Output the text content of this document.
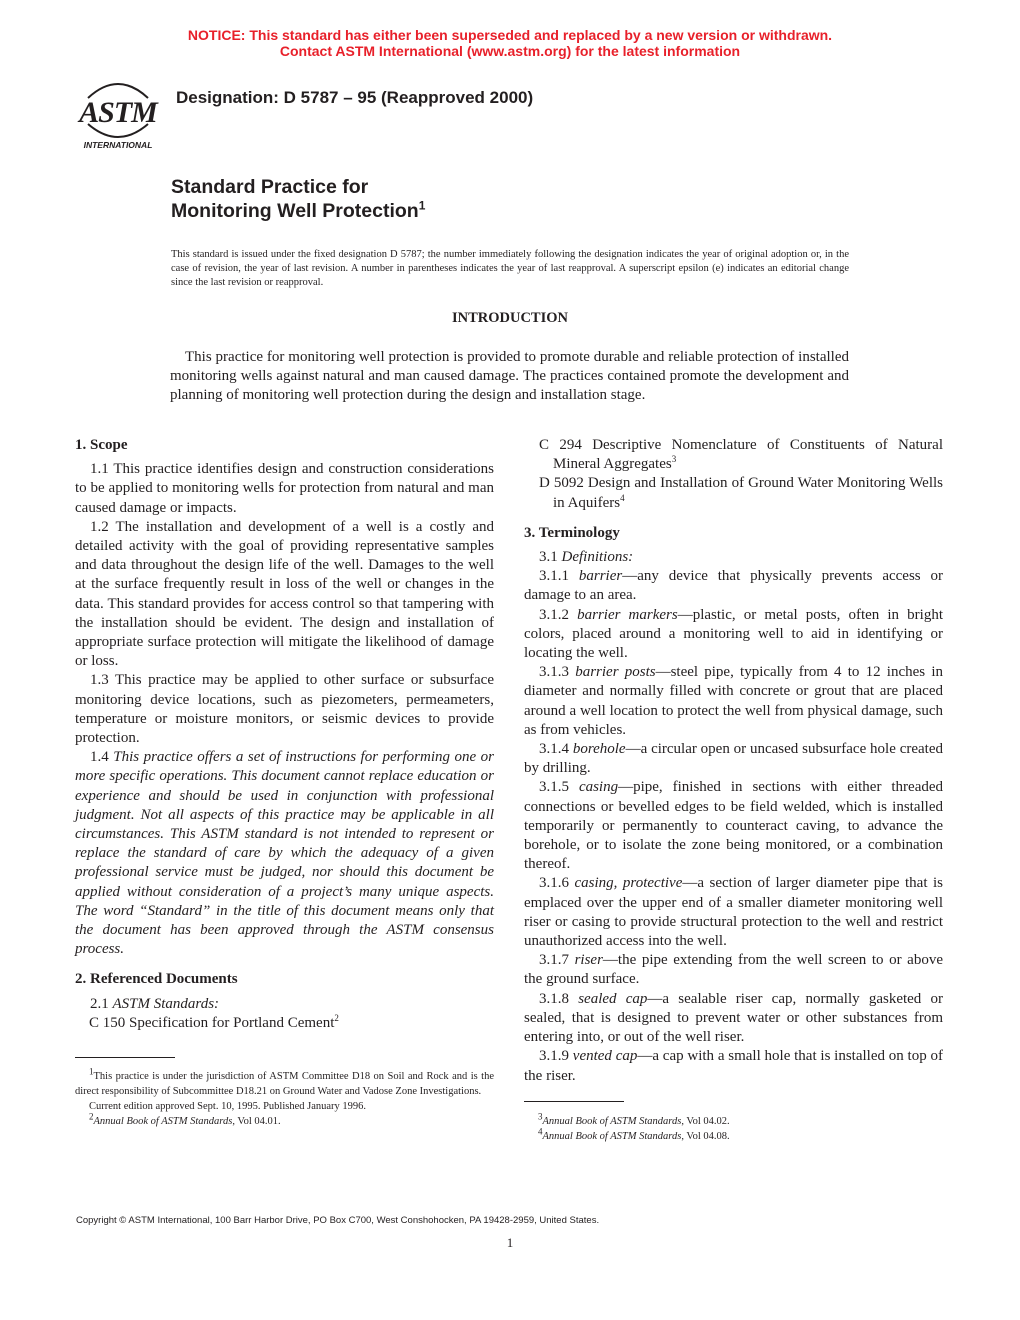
NOTICE: This standard has either been superseded and replaced by a new version or withdrawn.
Contact ASTM International (www.astm.org) for the latest information
ASTM
INTERNATIONAL
Designation: D 5787 – 95 (Reapproved 2000)
Standard Practice for
Monitoring Well Protection$^1$
This standard is issued under the fixed designation D 5787; the number immediately following the designation indicates the year of original adoption or, in the case of revision, the year of last revision. A number in parentheses indicates the year of last reapproval. A superscript epsilon (e) indicates an editorial change since the last revision or reapproval.
INTRODUCTION
This practice for monitoring well protection is provided to promote durable and reliable protection of installed monitoring wells against natural and man caused damage. The practices contained promote the development and planning of monitoring well protection during the design and installation stage.
1. Scope

1.1 This practice identifies design and construction considerations to be applied to monitoring wells for protection from natural and man caused damage or impacts.

1.2 The installation and development of a well is a costly and detailed activity with the goal of providing representative samples and data throughout the design life of the well. Damages to the well at the surface frequently result in loss of the well or changes in the data. This standard provides for access control so that tampering with the installation should be evident. The design and installation of appropriate surface protection will mitigate the likelihood of damage or loss.

1.3 This practice may be applied to other surface or subsurface monitoring device locations, such as piezometers, permeameters, temperature or moisture monitors, or seismic devices to provide protection.

1.4 This practice offers a set of instructions for performing one or more specific operations. This document cannot replace education or experience and should be used in conjunction with professional judgment. Not all aspects of this practice may be applicable in all circumstances. This ASTM standard is not intended to represent or replace the standard of care by which the adequacy of a given professional service must be judged, nor should this document be applied without consideration of a project’s many unique aspects. The word “Standard” in the title of this document means only that the document has been approved through the ASTM consensus process.

2. Referenced Documents

2.1 ASTM Standards:

C 150 Specification for Portland Cement$^2$

C 294 Descriptive Nomenclature of Constituents of Natural Mineral Aggregates$^3$

D 5092 Design and Installation of Ground Water Monitoring Wells in Aquifers$^4$

3. Terminology

3.1 Definitions:

3.1.1 barrier—any device that physically prevents access or damage to an area.

3.1.2 barrier markers—plastic, or metal posts, often in bright colors, placed around a monitoring well to aid in identifying or locating the well.

3.1.3 barrier posts—steel pipe, typically from 4 to 12 inches in diameter and normally filled with concrete or grout that are placed around a well location to protect the well from physical damage, such as from vehicles.

3.1.4 borehole—a circular open or uncased subsurface hole created by drilling.

3.1.5 casing—pipe, finished in sections with either threaded connections or bevelled edges to be field welded, which is installed temporarily or permanently to counteract caving, to advance the borehole, or to isolate the zone being monitored, or a combination thereof.

3.1.6 casing, protective—a section of larger diameter pipe that is emplaced over the upper end of a smaller diameter monitoring well riser or casing to provide structural protection to the well and restrict unauthorized access into the well.

3.1.7 riser—the pipe extending from the well screen to or above the ground surface.

3.1.8 sealed cap—a sealable riser cap, normally gasketed or sealed, that is designed to prevent water or other substances from entering into, or out of the well riser.

3.1.9 vented cap—a cap with a small hole that is installed on top of the riser.

$^1$This practice is under the jurisdiction of ASTM Committee D18 on Soil and Rock and is the direct responsibility of Subcommittee D18.21 on Ground Water and Vadose Zone Investigations.

Current edition approved Sept. 10, 1995. Published January 1996.

$^2$Annual Book of ASTM Standards, Vol 04.01.	$^3$Annual Book of ASTM Standards, Vol 04.02.

$^4$Annual Book of ASTM Standards, Vol 04.08.

Copyright © ASTM International, 100 Barr Harbor Drive, PO Box C700, West Conshohocken, PA 19428-2959, United States.
1
